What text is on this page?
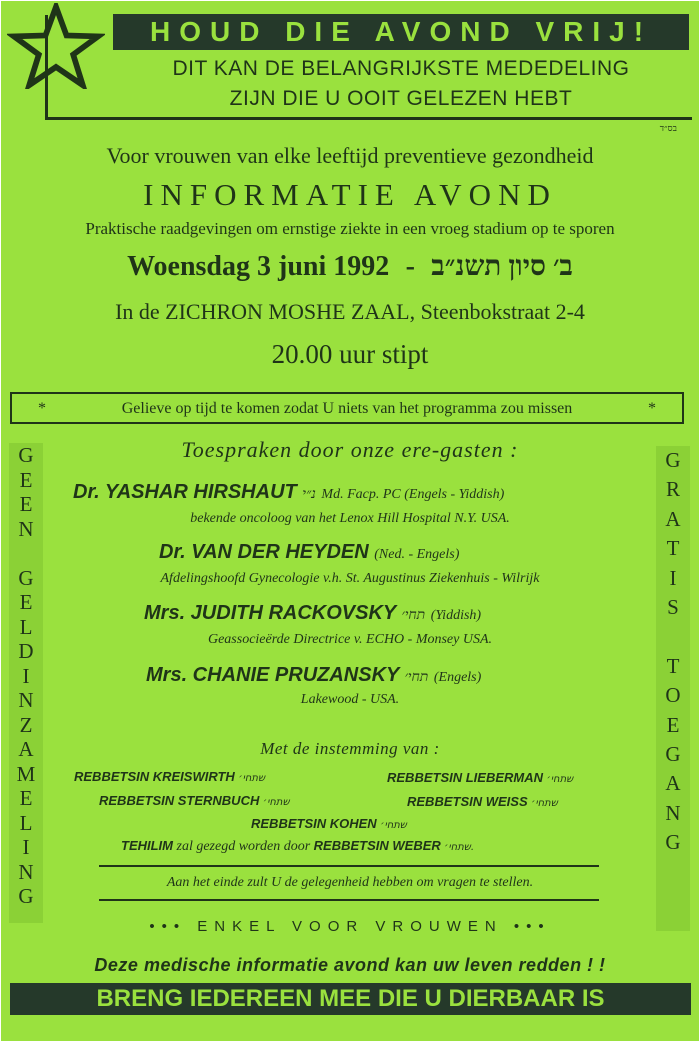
HOUD DIE AVOND VRIJ!
DIT KAN DE BELANGRIJKSTE MEDEDELING
ZIJN DIE U OOIT GELEZEN HEBT
בס״ד
Voor vrouwen van elke leeftijd preventieve gezondheid
INFORMATIE AVOND
Praktische raadgevingen om ernstige ziekte in een vroeg stadium op te sporen
Woensdag 3 juni 1992 - ב׳ סיון תשנ״ב
In de ZICHRON MOSHE ZAAL, Steenbokstraat 2-4
20.00 uur stipt
Gelieve op tijd te komen zodat U niets van het programma zou missen
*	*
G
E
E
N

G
E
L
D
I
N
Z
A
M
E
L
I
N
G
G
R
A
T
I
S

T
O
E
G
A
N
G
Toespraken door onze ere-gasten :
Dr. YASHAR HIRSHAUT נ״י Md. Facp. PC (Engels - Yiddish)
bekende oncoloog van het Lenox Hill Hospital N.Y. USA.
Dr. VAN DER HEYDEN (Ned. - Engels)
Afdelingshoofd Gynecologie v.h. St. Augustinus Ziekenhuis - Wilrijk
Mrs. JUDITH RACKOVSKY תחי׳ (Yiddish)
Geassocieërde Directrice v. ECHO - Monsey USA.
Mrs. CHANIE PRUZANSKY תחי׳ (Engels)
Lakewood - USA.
Met de instemming van :
REBBETSIN KREISWIRTH שתחי׳	REBBETSIN LIEBERMAN שתחי׳
REBBETSIN STERNBUCH שתחי׳	REBBETSIN WEISS שתחי׳
REBBETSIN KOHEN שתחי׳
TEHILIM zal gezegd worden door REBBETSIN WEBER שתחי׳.
Aan het einde zult U de gelegenheid hebben om vragen te stellen.
••• ENKEL VOOR VROUWEN •••
Deze medische informatie avond kan uw leven redden ! !
BRENG IEDEREEN MEE DIE U DIERBAAR IS
